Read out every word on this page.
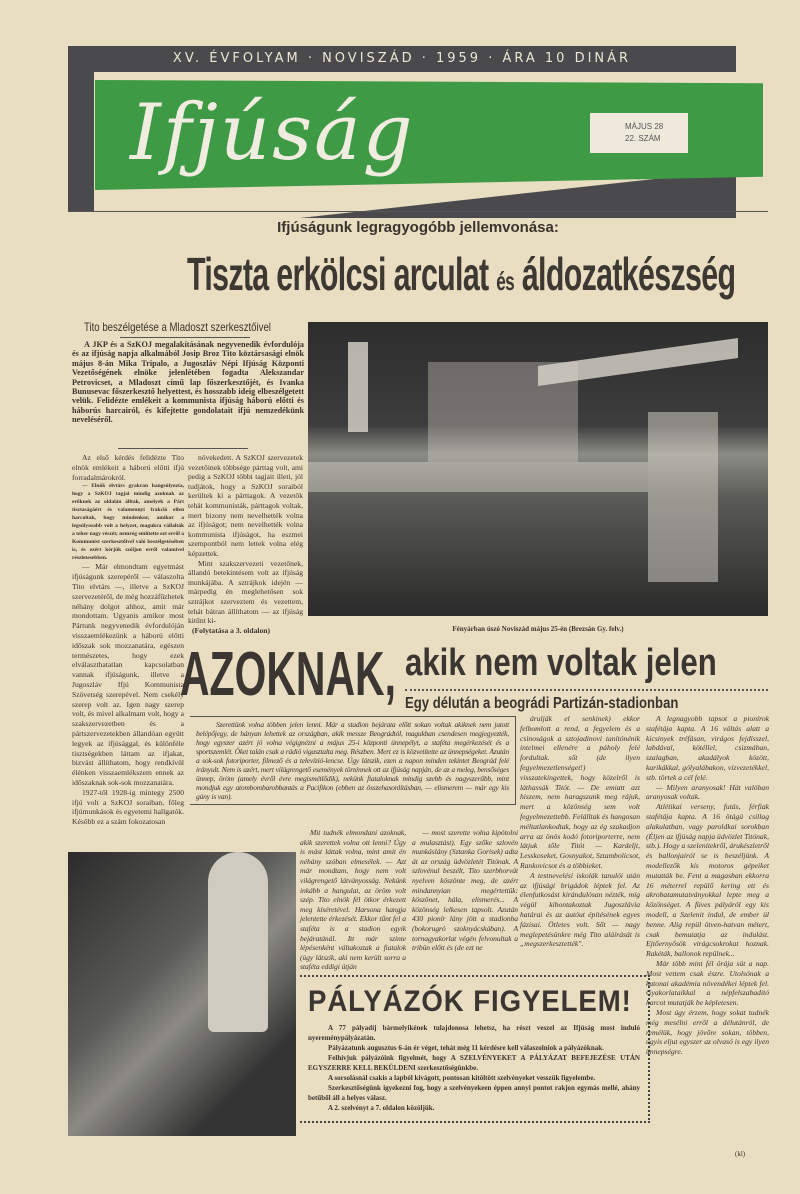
XV. ÉVFOLYAM · NOVISZÁD · 1959 · ÁRA 10 DINÁR
Ifjúság	MÁJUS 28
22. SZÁM
Ifjúságunk legragyogóbb jellemvonása:
Tiszta erkölcsi arculat és áldozatkészség
Tito beszélgetése a Mladoszt szerkesztőivel
Fényárban úszó Noviszád május 25-én (Brezsán Gy. felv.)
A JKP és a SzKOJ megalakításának negyvenedik évfordulója és az ifjúság napja alkalmából Josip Broz Tito köztársasági elnök május 8-án Mika Tripalo, a Jugoszláv Népi Ifjúság Központi Vezetőségének elnöke jelenlétében fogadta Alekszandar Petrovicset, a Mladoszt című lap főszerkesztőjét, és Ivanka Bunusevac főszerkesztő helyettest, és hosszabb ideig elbeszélgetett velük. Felidézte emlékeit a kommunista ifjúság háború előtti és háborús harcairól, és kifejtette gondolatait ifjú nemzedékünk neveléséről.

Az első kérdés felidézte Tito elnök emlékeit a háború előtti ifjú forradalmárokról.

— Elnök elvtárs gyakran hangsúlyozta, hogy a SzKOJ tagjai mindig azoknak az erőknek az oldalán álltak, amelyek a Párt tisztaságáért és valamennyi frakció ellen harcoltak, hogy mindenkor, amikor a legsúlyosabb volt a helyzet, magukra vállalták a teher nagy részét; nemrég említette ezt erről a Kommunist szerkesztőivel való beszélgetésében is, és ezért kérjük szóljon erről valamivel részletesebben.

— Már elmondtam egyetmást ifjúságunk szerepéről — válaszolta Tito elvtárs —, illetve a SzKOJ szervezetéről, de még hozzáfűzhetek néhány dolgot ahhoz, amit már mondottam. Ugyanis amikor most Pártunk negyvenedik évfordulóján visszaemlékezünk a háború előtti időszak sok mozzanatára, egészen természetes, hogy ezek elválaszthatatlan kapcsolatban vannak ifjúságunk, illetve a Jugoszláv Ifjú Kommunista Szövetség szerepével. Nem csekély szerep volt az. Igen nagy szerep volt, és mivel alkalmam volt, hogy a szakszervezetben és a pártszervezetekben állandóan együtt legyek az ifjúsággal, és különféle tisztségekben láttam az ifjakat, bizvást állíthatom, hogy rendkívül élénken visszaemlékszem ennek az időszaknak sok-sok mozzanatára.

1927-től 1928-ig mintegy 2500 ifjú volt a SzKOJ soraiban, főleg ifjúmunkások és egyetemi hallgatók. Később ez a szám fokozatosan

növekedett. A SzKOJ szervezetek vezetőinek többsége párttag volt, ami pedig a SzKOJ többi tagjait illeti, jól tudjátok, hogy a SzKOJ soraiból kerültek ki a párttagok. A vezetők tehát kommunisták, párttagok voltak, mert bizony nem nevelhették volna az ifjúságot; nem nevelhették volna kommunista ifjúságot, ha eszmei szempontból nem lettek volna elég képzettek.

Mint szakszervezeti vezetőnek, állandó betekintésem volt az ifjúság munkájába. A sztrájkok idején — márpedig én meglehetősen sok sztrájkot szerveztem és vezettem, tehát bátran állíthatom — az ifjúság kitűnt ki-

(Folytatása a 3. oldalon)

AZOKNAK, akik nem voltak jelen
Egy délután a beográdi Partizán-stadionban
Szerettünk volna többen jelen lenni. Már a stadion bejárata előtt sokan voltak akiknek nem jutott belépőjegy, de hányan lehettek az országban, akik messze Beográdtól, magukban csendesen megjegyezték, hogy egyszer azért jó volna végignézni a május 25-i központi ünnepélyt, a staféta megérkezését és a sportszemlét. Őket talán csak a rádió vigasztalta meg. Részben. Mert ez is közvetítette az ünnepségeket. Azután a sok-sok fotoriporter, filmező és a televízió-lencse. Úgy látszik, ezen a napon minden tekintet Beográd felé irányult. Nem is azért, mert világrengető események történnek ott az ifjúság napján, de az a meleg, bensőséges ünnep, öröm (amely évről évre megismétlődik), nekünk fiataloknak mindig szebb és nagyszerűbb, mint mondjuk egy atombombarobbantás a Pacifikon (ebben az összehasonlításban, — elismerem — már egy kis gúny is van).

árulják el senkinek) ekkor felbomlott a rend, a fegyelem és a csinoságok a sztojadinovi tanítónénik intelmei ellenére a páholy felé fordultak. sőt (de ilyen fegyelmezetlenséget!) visszatekingettek, hogy közelről is láthassák Titót. — De emiatt azt hiszem, nem haragszunk meg rájuk, mert a közönség sem volt fegyelmezettebb. Felálltak és hangosan méltatlankodtak, hogy az ég szakadjon arra az önös kodó fotoriporterre, nem látjuk tőle Titót — Kardeljt, Lesskoseket, Gosnyakot, Sztambolicsot, Rankovicsot és a többieket.

A testnevelési iskolák tanulói után az ifjúsági brigádok léptek fel. Az élenfutkosást kirándulósan nézték, míg végül kibontakoztak Jugoszlávia határai és az autóut építésének egyes fázisai. Ötletes volt. Sőt — nagy meglepetésünkre még Tito aláírását is „megszerkesztették".

A legnagyobb tapsot a pionírok stafétája kapta. A 16 váltás alatt a kicsinyek tréfásan, virágos fejdísszel, labdával, kötéllel, csizmában, szalagban, akadályok között, karikákkal, gólyalábakon, vízvezetékkel, stb. törtek a cél felé.

— Milyen aranyosak! Hát valóban aranyosak voltak.

Atlétikai verseny, futás, férfiak stafétája kapta. A 16 ötágú csillag alakulatban, vagy paroldkai sorokban (Éljen az ifjúság napja üdvözlet Titónak, stb.). Hogy a szelenitekről, árukészletről és ballonjairól se is beszéljünk. A modellezők kis motoros gépeiket mutatták be. Fent a magasban ekkorra 16 méterrel repülő kering ett és akrobatamutatványokkal lepte meg a közönséget. A füves pályáról egy kis modell, a Szelenit indul, de ember ül benne. Alig repül ötven-hatvan métert, csak bemutatja az indulást. Ejtőernyősök virágcsokrokat hoznak. Rakéták, ballonok repülnek...

Már több mint fél órája süt a nap. Most vettem csak észre. Utolsónak a katonai akadémia növendékei léptek fel. Gyakorlataikkal a népfelszabadító harcot mutatják be képletesen.

Most úgy érzem, hogy sokat tudnék még mesélni erről a délutánról, de remélük, hogy jövőre sokan, többen, úgyis eljut egyszer az olvasó is egy ilyen ünnepségre.

(kl)

Mit tudnék elmondani azoknak, akik szerettek volna ott lenni? Úgy is mást láttak volna, mint amit én néhány szóban elmesélek. — Azt már mondtam, hogy nem volt világrengető látványosság. Nekünk inkább a hangulat, az öröm volt szép. Tito elnök fél ötkor érkezett meg kíséretével. Harsona hangja jelentette érkezését. Ekkor tűnt fel a staféta is a stadion egyik bejáratánál. Itt már szinte lépésenként váltakoztak a fiatalok (úgy látszik, aki nem került sorra a staféta eddigi útján

— most szerette volna kipótolni a mulasztást). Egy szőke szlovén munkáslány (Sztanka Gorisek) adta át az ország üdvözletét Titónak. A szlovénul beszélt, Tito szerbhorvát nyelven köszönte meg, de azért mindannyian megértettük: köszönet, hála, elismerés... A közönség lelkesen tapsolt. Azután 430 pionír lány jött a stadionba (bokorugró szoknyácskában). A tornagyakorlat végén felvonultak a tribün előtt és (de ezt ne

PÁLYÁZÓK FIGYELEM!

A 77 pályadíj bármelyikének tulajdonosa lehetsz, ha részt veszel az Ifjúság most induló nyereménypályázatán.

Pályázatunk augusztus 6-án ér véget, tehát még 11 kérdésre kell válaszolniok a pályázóknak.

Felhívjuk pályázóink figyelmét, hogy A SZELVÉNYEKET A PÁLYÁZAT BEFEJEZÉSE UTÁN EGYSZERRE KELL BEKÜLDENI szerkesztőségünkbe.

A sorsolásnál csakis a lapból kivágott, pontosan kitöltött szelvényeket vesszük figyelembe.

Szerkesztőségünk igyekezni fog, hogy a szelvényekeen éppen annyi pontot rakjon egymás mellé, ahány betűből áll a helyes válasz.

A 2. szelvényt a 7. oldalon közöljük.
